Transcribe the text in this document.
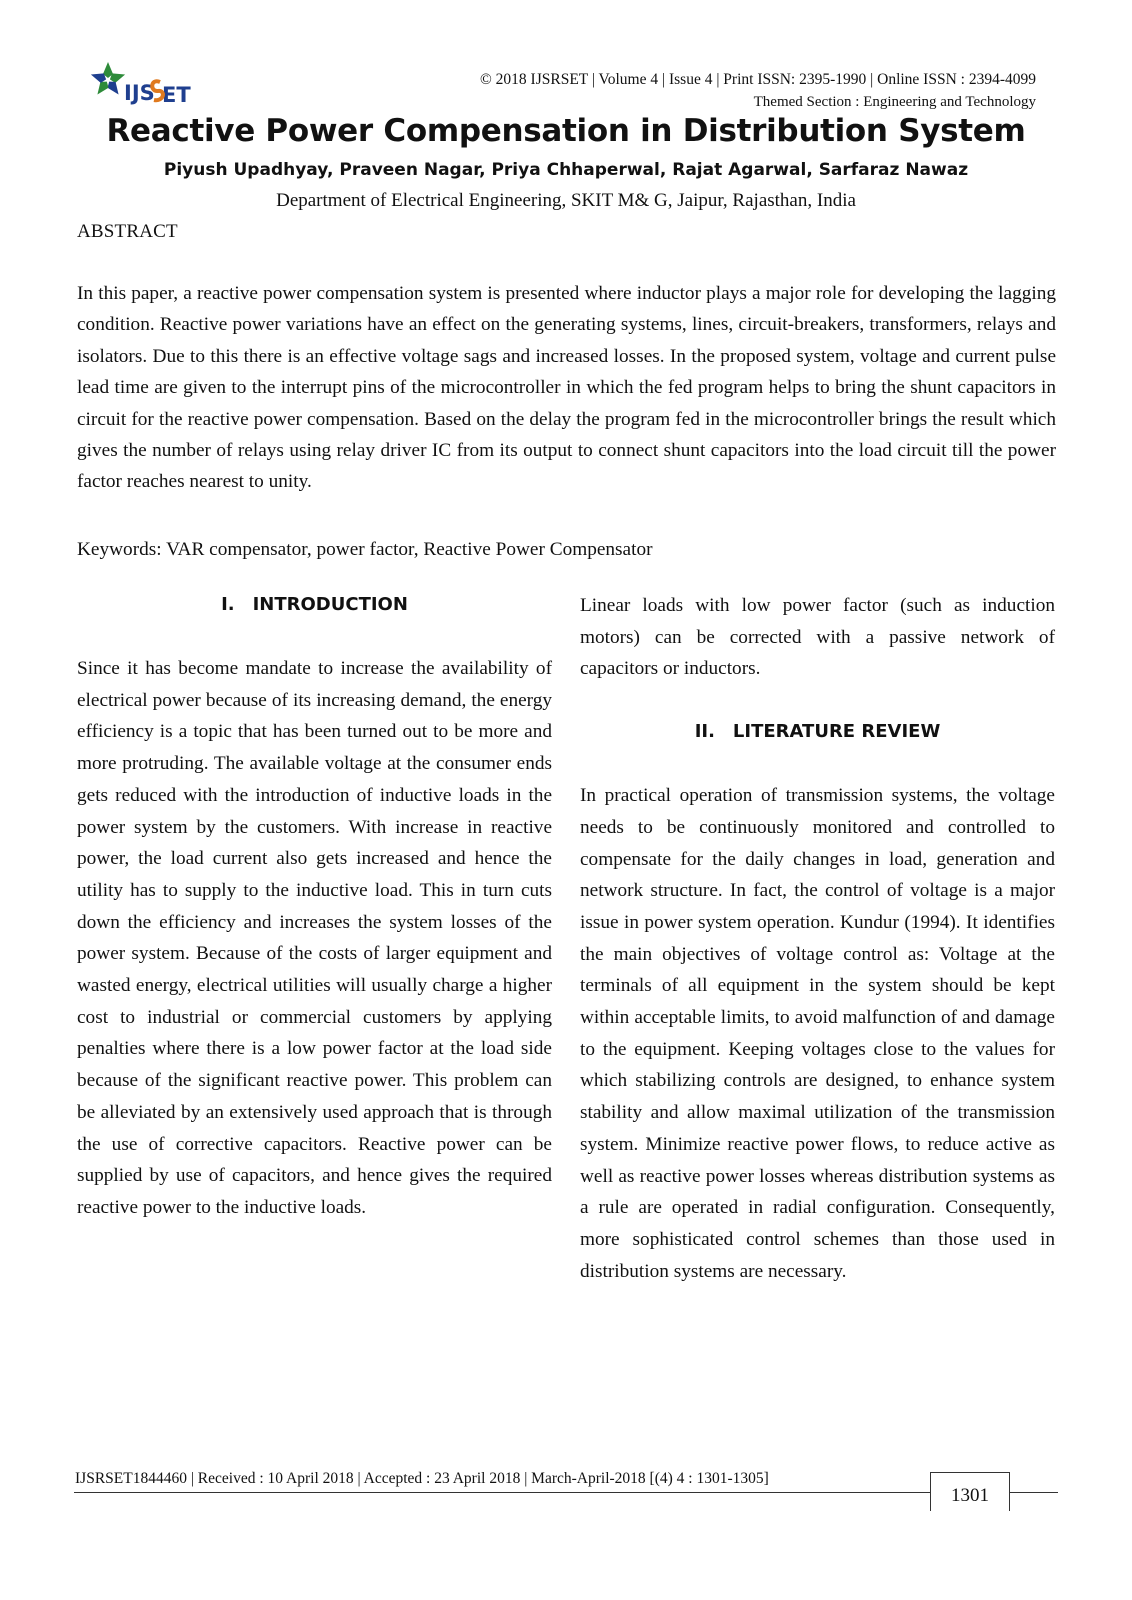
IJS ET
© 2018 IJSRSET | Volume 4 | Issue 4 | Print ISSN: 2395-1990 | Online ISSN : 2394-4099
Themed Section : Engineering and Technology
Reactive Power Compensation in Distribution System
Piyush Upadhyay, Praveen Nagar, Priya Chhaperwal, Rajat Agarwal, Sarfaraz Nawaz
Department of Electrical Engineering, SKIT M& G, Jaipur, Rajasthan, India
ABSTRACT

In this paper, a reactive power compensation system is presented where inductor plays a major role for developing the lagging condition. Reactive power variations have an effect on the generating systems, lines, circuit-breakers, transformers, relays and isolators. Due to this there is an effective voltage sags and increased losses. In the proposed system, voltage and current pulse lead time are given to the interrupt pins of the microcontroller in which the fed program helps to bring the shunt capacitors in circuit for the reactive power compensation. Based on the delay the program fed in the microcontroller brings the result which gives the number of relays using relay driver IC from its output to connect shunt capacitors into the load circuit till the power factor reaches nearest to unity.

Keywords: VAR compensator, power factor, Reactive Power Compensator

I. INTRODUCTION

Since it has become mandate to increase the availability of electrical power because of its increasing demand, the energy efficiency is a topic that has been turned out to be more and more protruding. The available voltage at the consumer ends gets reduced with the introduction of inductive loads in the power system by the customers. With increase in reactive power, the load current also gets increased and hence the utility has to supply to the inductive load. This in turn cuts down the efficiency and increases the system losses of the power system. Because of the costs of larger equipment and wasted energy, electrical utilities will usually charge a higher cost to industrial or commercial customers by applying penalties where there is a low power factor at the load side because of the significant reactive power. This problem can be alleviated by an extensively used approach that is through the use of corrective capacitors. Reactive power can be supplied by use of capacitors, and hence gives the required reactive power to the inductive loads.

Linear loads with low power factor (such as induction motors) can be corrected with a passive network of capacitors or inductors.

II. LITERATURE REVIEW

In practical operation of transmission systems, the voltage needs to be continuously monitored and controlled to compensate for the daily changes in load, generation and network structure. In fact, the control of voltage is a major issue in power system operation. Kundur (1994). It identifies the main objectives of voltage control as: Voltage at the terminals of all equipment in the system should be kept within acceptable limits, to avoid malfunction of and damage to the equipment. Keeping voltages close to the values for which stabilizing controls are designed, to enhance system stability and allow maximal utilization of the transmission system. Minimize reactive power flows, to reduce active as well as reactive power losses whereas distribution systems as a rule are operated in radial configuration. Consequently, more sophisticated control schemes than those used in distribution systems are necessary.

IJSRSET1844460 | Received : 10 April 2018 | Accepted : 23 April 2018 | March-April-2018 [(4) 4 : 1301-1305]
1301
